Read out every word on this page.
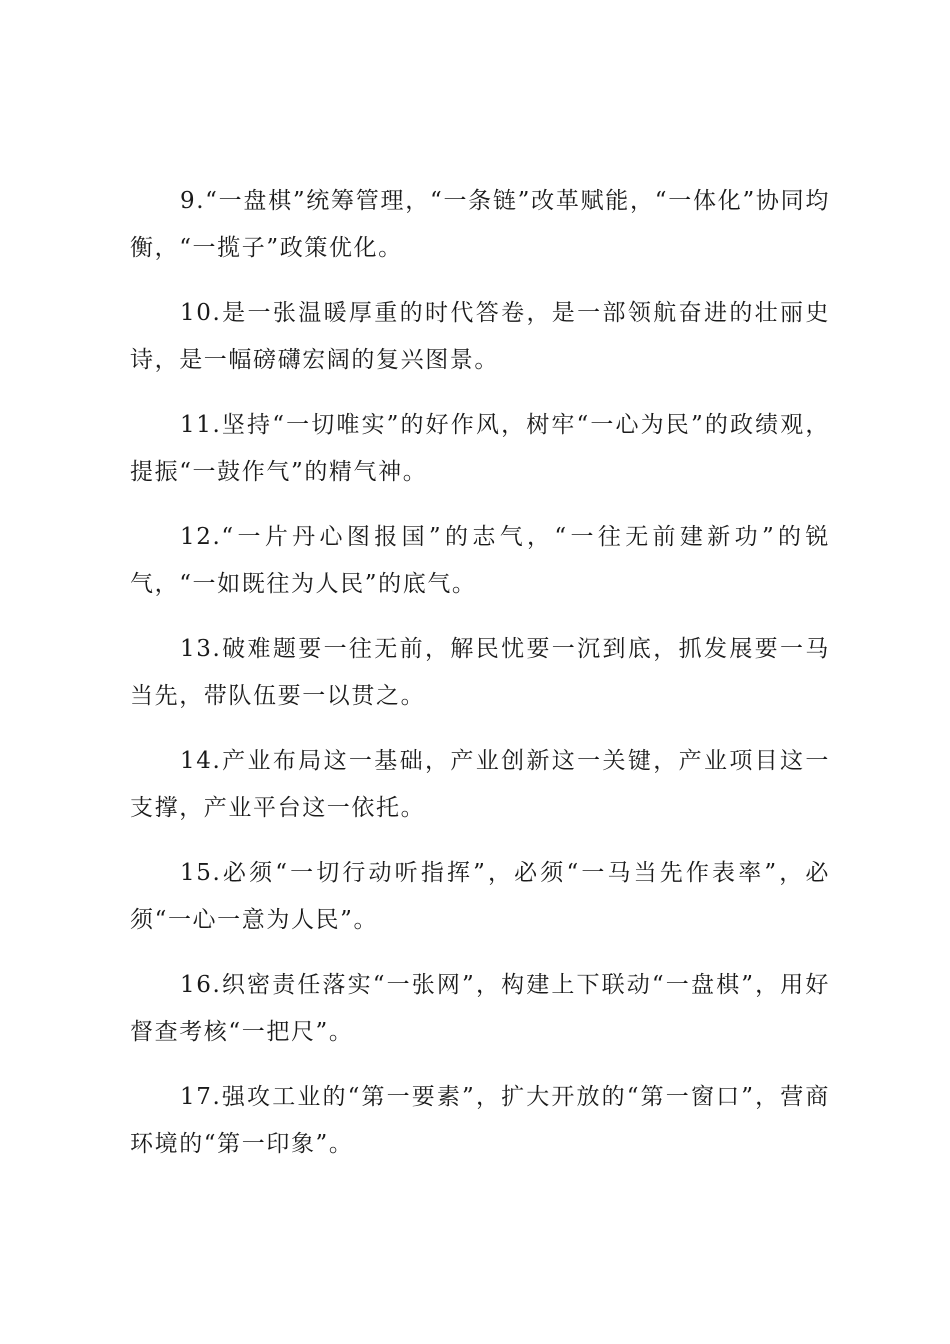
9.“一盘棋”统筹管理，“一条链”改革赋能，“一体化”协同均衡，“一揽子”政策优化。

10.是一张温暖厚重的时代答卷，是一部领航奋进的壮丽史诗，是一幅磅礴宏阔的复兴图景。

11.坚持“一切唯实”的好作风，树牢“一心为民”的政绩观，提振“一鼓作气”的精气神。

12.“一片丹心图报国”的志气，“一往无前建新功”的锐气，“一如既往为人民”的底气。

13.破难题要一往无前，解民忧要一沉到底，抓发展要一马当先，带队伍要一以贯之。

14.产业布局这一基础，产业创新这一关键，产业项目这一支撑，产业平台这一依托。

15.必须“一切行动听指挥”，必须“一马当先作表率”，必须“一心一意为人民”。

16.织密责任落实“一张网”，构建上下联动“一盘棋”，用好督查考核“一把尺”。

17.强攻工业的“第一要素”，扩大开放的“第一窗口”，营商环境的“第一印象”。
